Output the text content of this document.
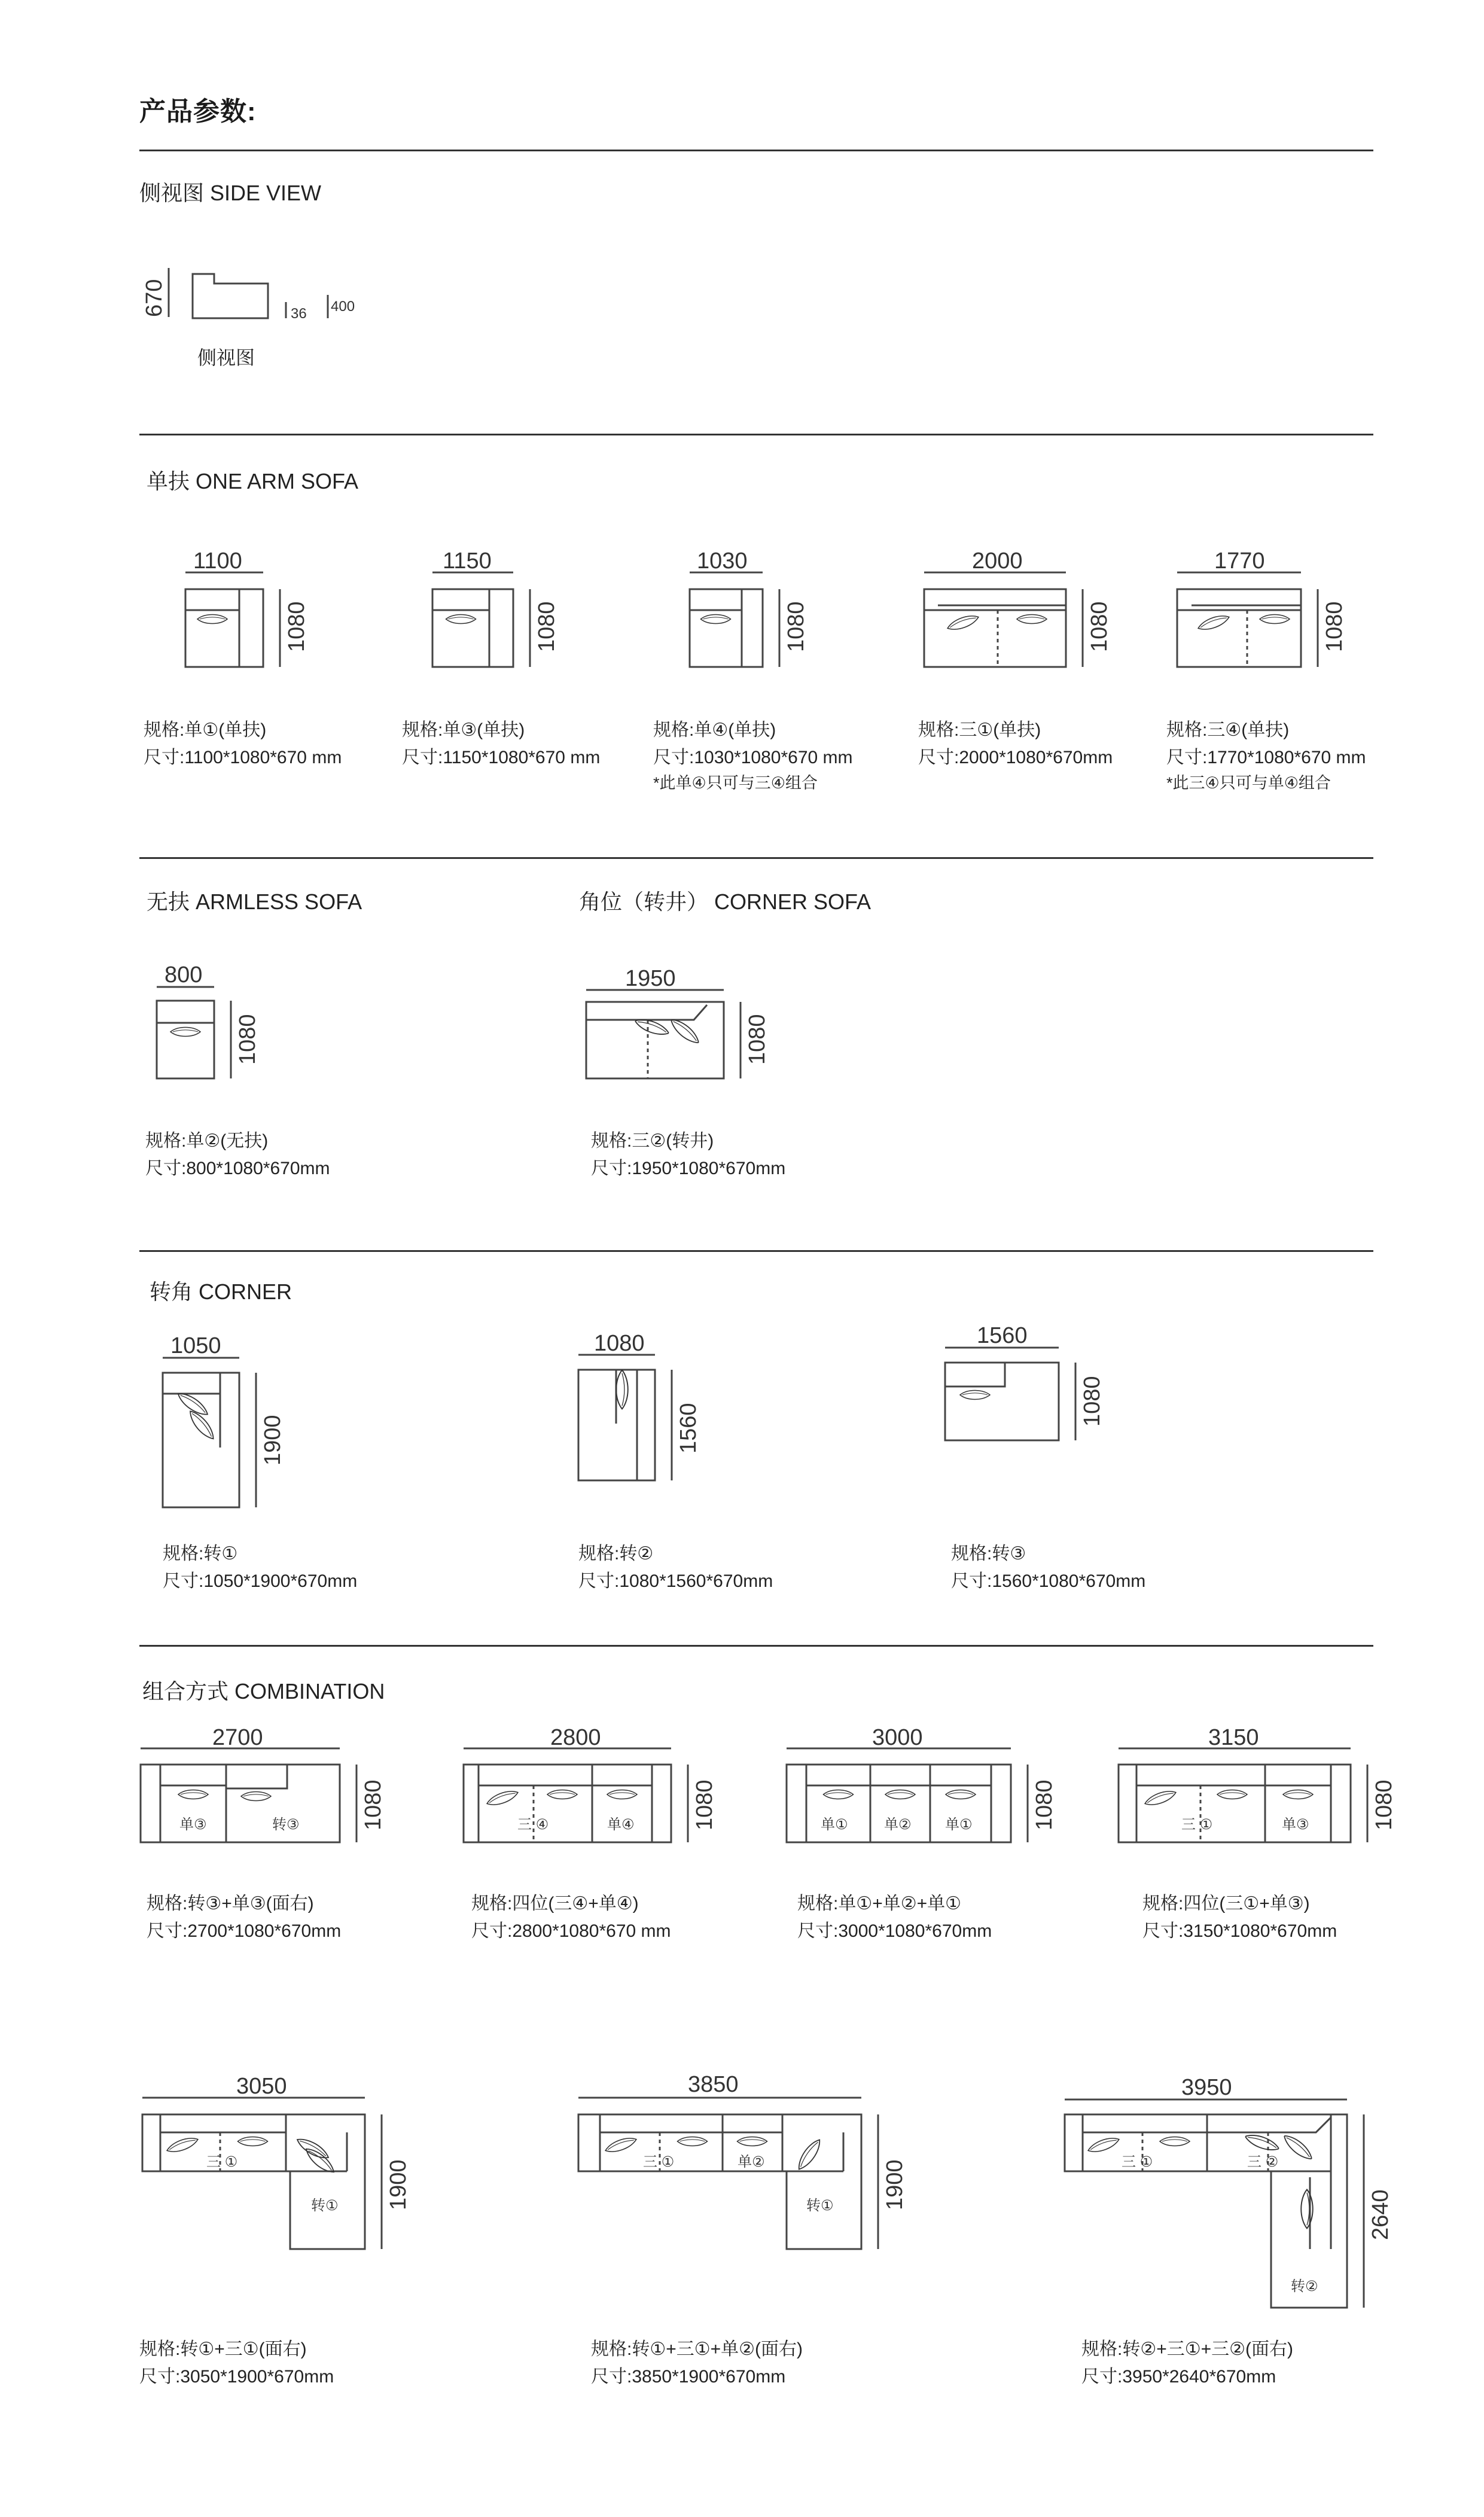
产品参数:
侧视图 SIDE VIEW
单扶 ONE ARM SOFA
无扶 ARMLESS SOFA	角位（转井） CORNER SOFA
转角 CORNER
组合方式 COMBINATION
670	36 400
1100
1080
1150
1080
1030
1080
2000
1080
1770
1080
800
1080
1950
1080
1050
1900
1080
1560
1560
1080
2700
1080
2800
1080
3000
1080
3150
1080
3050
1900
3850
1900
3950
2640
单③	转③	三 ④	单④	单①	单② 单①	三 ①	单③
三 ①
转①
三 ①	单②
转①
三 ①	三 ②
转②
侧视图
规格:单①(单扶)
尺寸:1100*1080*670 mm
规格:单③(单扶)
尺寸:1150*1080*670 mm
规格:单④(单扶)
尺寸:1030*1080*670 mm
*此单④只可与三④组合
规格:三①(单扶)
尺寸:2000*1080*670mm
规格:三④(单扶)
尺寸:1770*1080*670 mm
*此三④只可与单④组合
规格:单②(无扶)
尺寸:800*1080*670mm
规格:三②(转井)
尺寸:1950*1080*670mm
规格:转①
尺寸:1050*1900*670mm
规格:转②
尺寸:1080*1560*670mm
规格:转③
尺寸:1560*1080*670mm
规格:转③+单③(面右)
尺寸:2700*1080*670mm
规格:四位(三④+单④)
尺寸:2800*1080*670 mm
规格:单①+单②+单①
尺寸:3000*1080*670mm
规格:四位(三①+单③)
尺寸:3150*1080*670mm
规格:转①+三①(面右)
尺寸:3050*1900*670mm
规格:转①+三①+单②(面右)
尺寸:3850*1900*670mm
规格:转②+三①+三②(面右)
尺寸:3950*2640*670mm
